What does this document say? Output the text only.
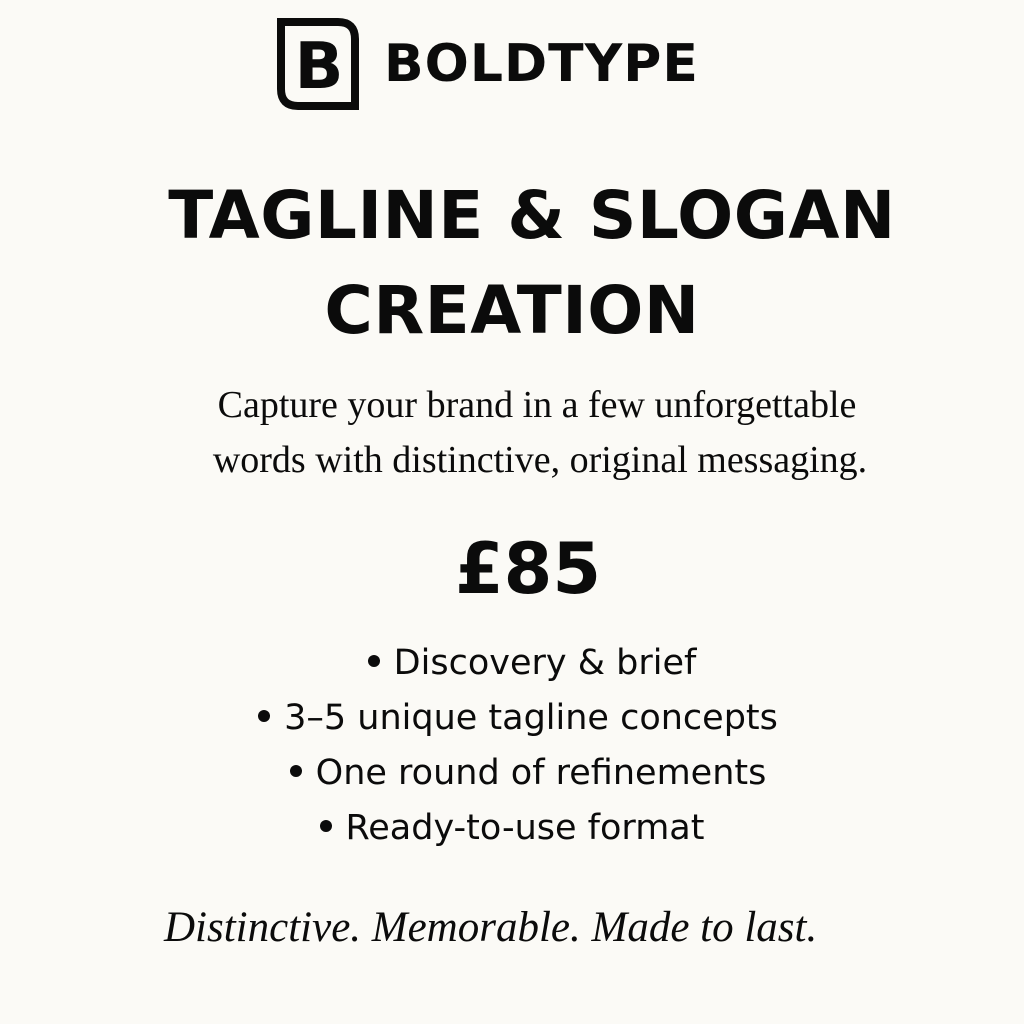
B BOLDTYPE
TAGLINE & SLOGAN
CREATION
Capture your brand in a few unforgettable
words with distinctive, original messaging.
£85
Discovery & brief
3–5 unique tagline concepts
One round of refinements
Ready-to-use format
Distinctive. Memorable. Made to last.
